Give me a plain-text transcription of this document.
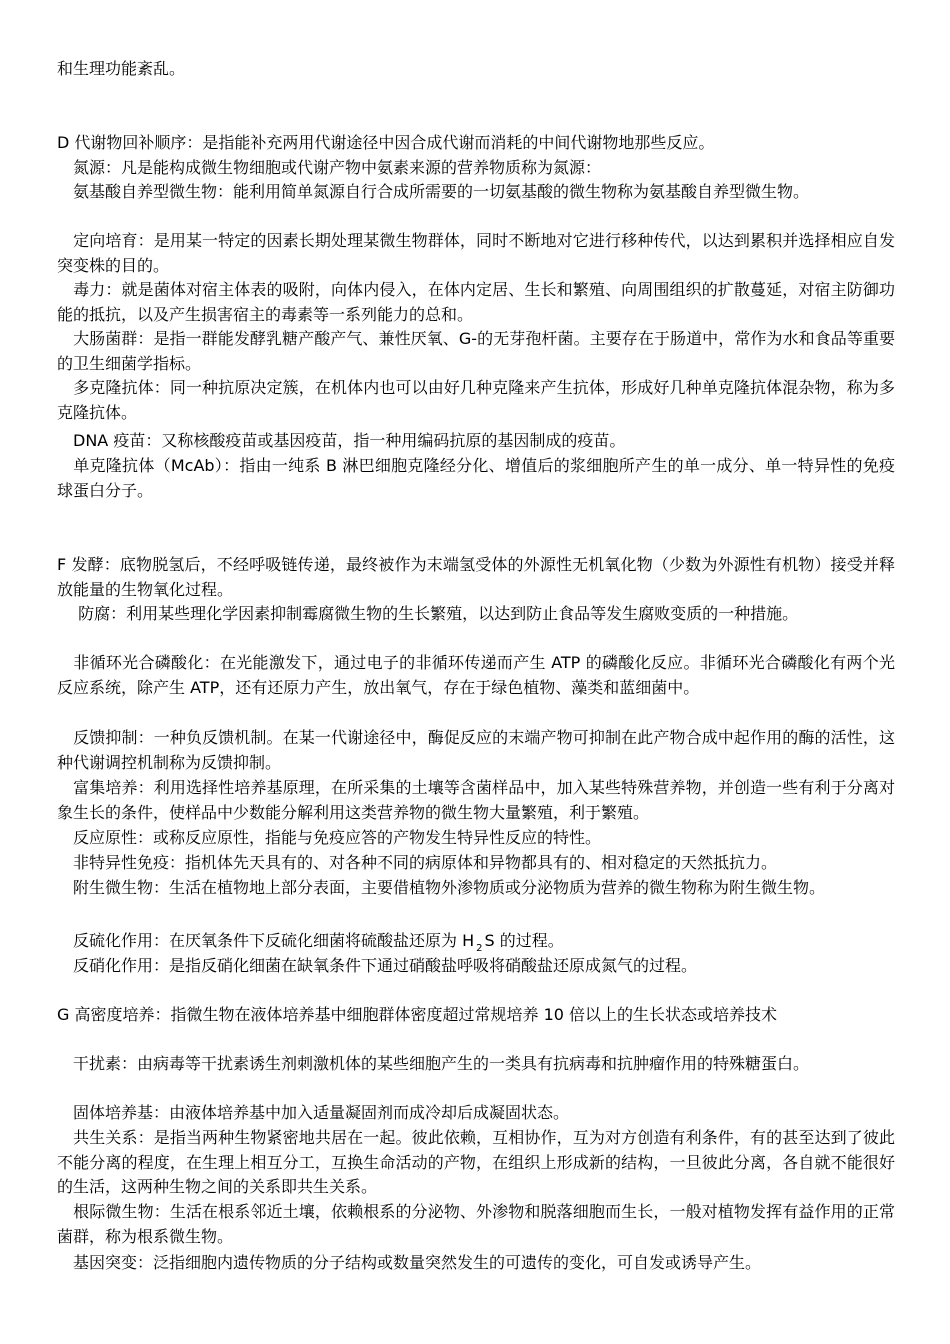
和生理功能紊乱。

D 代谢物回补顺序：是指能补充两用代谢途径中因合成代谢而消耗的中间代谢物地那些反应。

　氮源：凡是能构成微生物细胞或代谢产物中氨素来源的营养物质称为氮源：

　氨基酸自养型微生物：能利用简单氮源自行合成所需要的一切氨基酸的微生物称为氨基酸自养型微生物。

　定向培育：是用某一特定的因素长期处理某微生物群体，同时不断地对它进行移种传代，以达到累积并选择相应自发突变株的目的。

　毒力：就是菌体对宿主体表的吸附，向体内侵入，在体内定居、生长和繁殖、向周围组织的扩散蔓延，对宿主防御功能的抵抗，以及产生损害宿主的毒素等一系列能力的总和。

　大肠菌群：是指一群能发酵乳糖产酸产气、兼性厌氧、G-的无芽孢杆菌。主要存在于肠道中，常作为水和食品等重要的卫生细菌学指标。

　多克隆抗体：同一种抗原决定簇，在机体内也可以由好几种克隆来产生抗体，形成好几种单克隆抗体混杂物，称为多克隆抗体。

　DNA 疫苗：又称核酸疫苗或基因疫苗，指一种用编码抗原的基因制成的疫苗。

　单克隆抗体（McAb）：指由一纯系 B 淋巴细胞克隆经分化、增值后的浆细胞所产生的单一成分、单一特异性的免疫球蛋白分子。

F 发酵：底物脱氢后，不经呼吸链传递，最终被作为末端氢受体的外源性无机氧化物（少数为外源性有机物）接受并释放能量的生物氧化过程。

　 防腐：利用某些理化学因素抑制霉腐微生物的生长繁殖，以达到防止食品等发生腐败变质的一种措施。

　非循环光合磷酸化：在光能激发下，通过电子的非循环传递而产生 ATP 的磷酸化反应。非循环光合磷酸化有两个光反应系统，除产生 ATP，还有还原力产生，放出氧气，存在于绿色植物、藻类和蓝细菌中。

　反馈抑制：一种负反馈机制。在某一代谢途径中，酶促反应的末端产物可抑制在此产物合成中起作用的酶的活性，这种代谢调控机制称为反馈抑制。

　富集培养：利用选择性培养基原理，在所采集的土壤等含菌样品中，加入某些特殊营养物，并创造一些有利于分离对象生长的条件，使样品中少数能分解利用这类营养物的微生物大量繁殖，利于繁殖。

　反应原性：或称反应原性，指能与免疫应答的产物发生特异性反应的特性。

　非特异性免疫：指机体先天具有的、对各种不同的病原体和异物都具有的、相对稳定的天然抵抗力。

　附生微生物：生活在植物地上部分表面，主要借植物外渗物质或分泌物质为营养的微生物称为附生微生物。

　反硫化作用：在厌氧条件下反硫化细菌将硫酸盐还原为 H $_2$ S 的过程。

　反硝化作用：是指反硝化细菌在缺氧条件下通过硝酸盐呼吸将硝酸盐还原成氮气的过程。

G 高密度培养：指微生物在液体培养基中细胞群体密度超过常规培养 10 倍以上的生长状态或培养技术

　干扰素：由病毒等干扰素诱生剂刺激机体的某些细胞产生的一类具有抗病毒和抗肿瘤作用的特殊糖蛋白。

　固体培养基：由液体培养基中加入适量凝固剂而成冷却后成凝固状态。

　共生关系：是指当两种生物紧密地共居在一起。彼此依赖，互相协作，互为对方创造有利条件，有的甚至达到了彼此不能分离的程度，在生理上相互分工，互换生命活动的产物，在组织上形成新的结构，一旦彼此分离，各自就不能很好的生活，这两种生物之间的关系即共生关系。

　根际微生物：生活在根系邻近土壤，依赖根系的分泌物、外渗物和脱落细胞而生长，一般对植物发挥有益作用的正常菌群，称为根系微生物。

　基因突变：泛指细胞内遗传物质的分子结构或数量突然发生的可遗传的变化，可自发或诱导产生。
